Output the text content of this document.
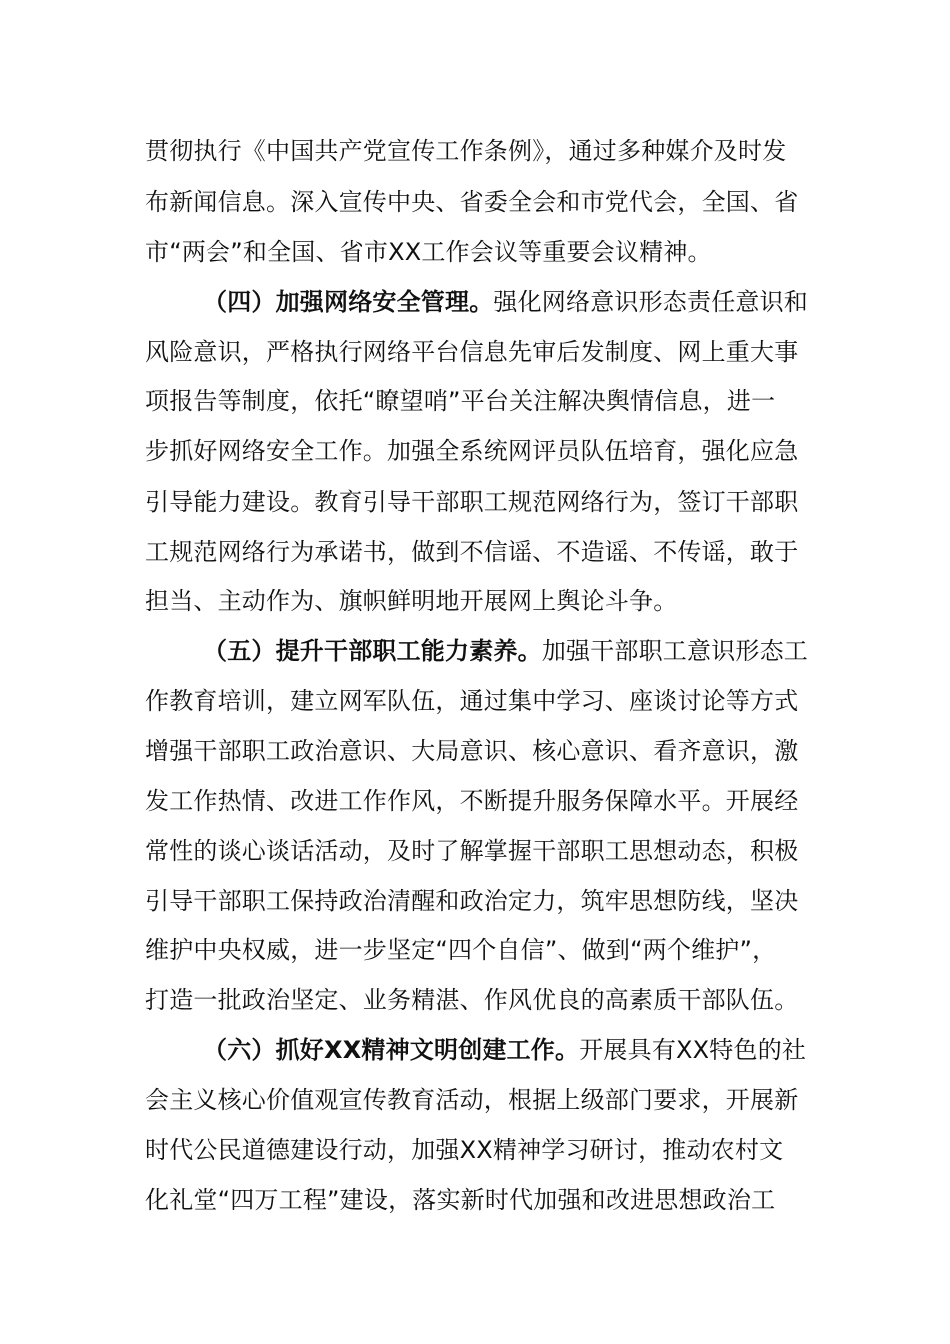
贯彻执行《中国共产党宣传工作条例》，通过多种媒介及时发
布新闻信息。深入宣传中央、省委全会和市党代会，全国、省
市“两会”和全国、省市XX工作会议等重要会议精神。
（四）加强网络安全管理。强化网络意识形态责任意识和
风险意识，严格执行网络平台信息先审后发制度、网上重大事
项报告等制度，依托“瞭望哨”平台关注解决舆情信息，进一
步抓好网络安全工作。加强全系统网评员队伍培育，强化应急
引导能力建设。教育引导干部职工规范网络行为，签订干部职
工规范网络行为承诺书，做到不信谣、不造谣、不传谣，敢于
担当、主动作为、旗帜鲜明地开展网上舆论斗争。
（五）提升干部职工能力素养。加强干部职工意识形态工
作教育培训，建立网军队伍，通过集中学习、座谈讨论等方式
增强干部职工政治意识、大局意识、核心意识、看齐意识，激
发工作热情、改进工作作风，不断提升服务保障水平。开展经
常性的谈心谈话活动，及时了解掌握干部职工思想动态，积极
引导干部职工保持政治清醒和政治定力，筑牢思想防线，坚决
维护中央权威，进一步坚定“四个自信”、做到“两个维护”，
打造一批政治坚定、业务精湛、作风优良的高素质干部队伍。
（六）抓好XX精神文明创建工作。开展具有XX特色的社
会主义核心价值观宣传教育活动，根据上级部门要求，开展新
时代公民道德建设行动，加强XX精神学习研讨，推动农村文
化礼堂“四万工程”建设，落实新时代加强和改进思想政治工
